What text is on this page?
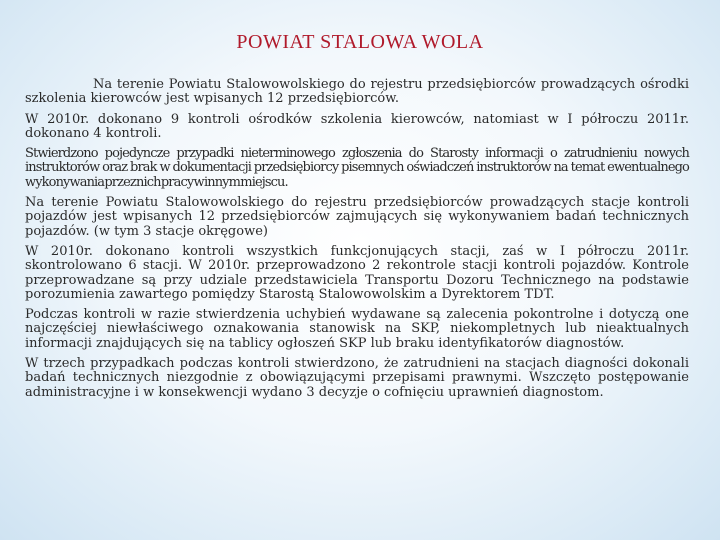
POWIAT STALOWA WOLA

Na terenie Powiatu Stalowowolskiego do rejestru przedsiębiorców prowadzących ośrodki szkolenia kierowców jest wpisanych 12 przedsiębiorców.

W 2010r. dokonano 9 kontroli ośrodków szkolenia kierowców, natomiast w I półroczu 2011r. dokonano 4 kontroli.

Stwierdzono pojedyncze przypadki nieterminowego zgłoszenia do Starosty informacji o zatrudnieniu nowych instruktorów oraz brak w dokumentacji przedsiębiorcy pisemnych oświadczeń instruktorów na temat ewentualnego wykonywania przez nich pracy w innym miejscu.

Na terenie Powiatu Stalowowolskiego do rejestru przedsiębiorców prowadzących stacje kontroli pojazdów jest wpisanych 12 przedsiębiorców zajmujących się wykonywaniem badań technicznych pojazdów. (w tym 3 stacje okręgowe)

W 2010r. dokonano kontroli wszystkich funkcjonujących stacji, zaś w I półroczu 2011r. skontrolowano 6 stacji. W 2010r. przeprowadzono 2 rekontrole stacji kontroli pojazdów. Kontrole przeprowadzane są przy udziale przedstawiciela Transportu Dozoru Technicznego na podstawie porozumienia zawartego pomiędzy Starostą Stalowowolskim a Dyrektorem TDT.

Podczas kontroli w razie stwierdzenia uchybień wydawane są zalecenia pokontrolne i dotyczą one najczęściej niewłaściwego oznakowania stanowisk na SKP, niekompletnych lub nieaktualnych informacji znajdujących się na tablicy ogłoszeń SKP lub braku identyfikatorów diagnostów.

W trzech przypadkach podczas kontroli stwierdzono, że zatrudnieni na stacjach diagności dokonali badań technicznych niezgodnie z obowiązującymi przepisami prawnymi. Wszczęto postępowanie administracyjne i w konsekwencji wydano 3 decyzje o cofnięciu uprawnień diagnostom.
